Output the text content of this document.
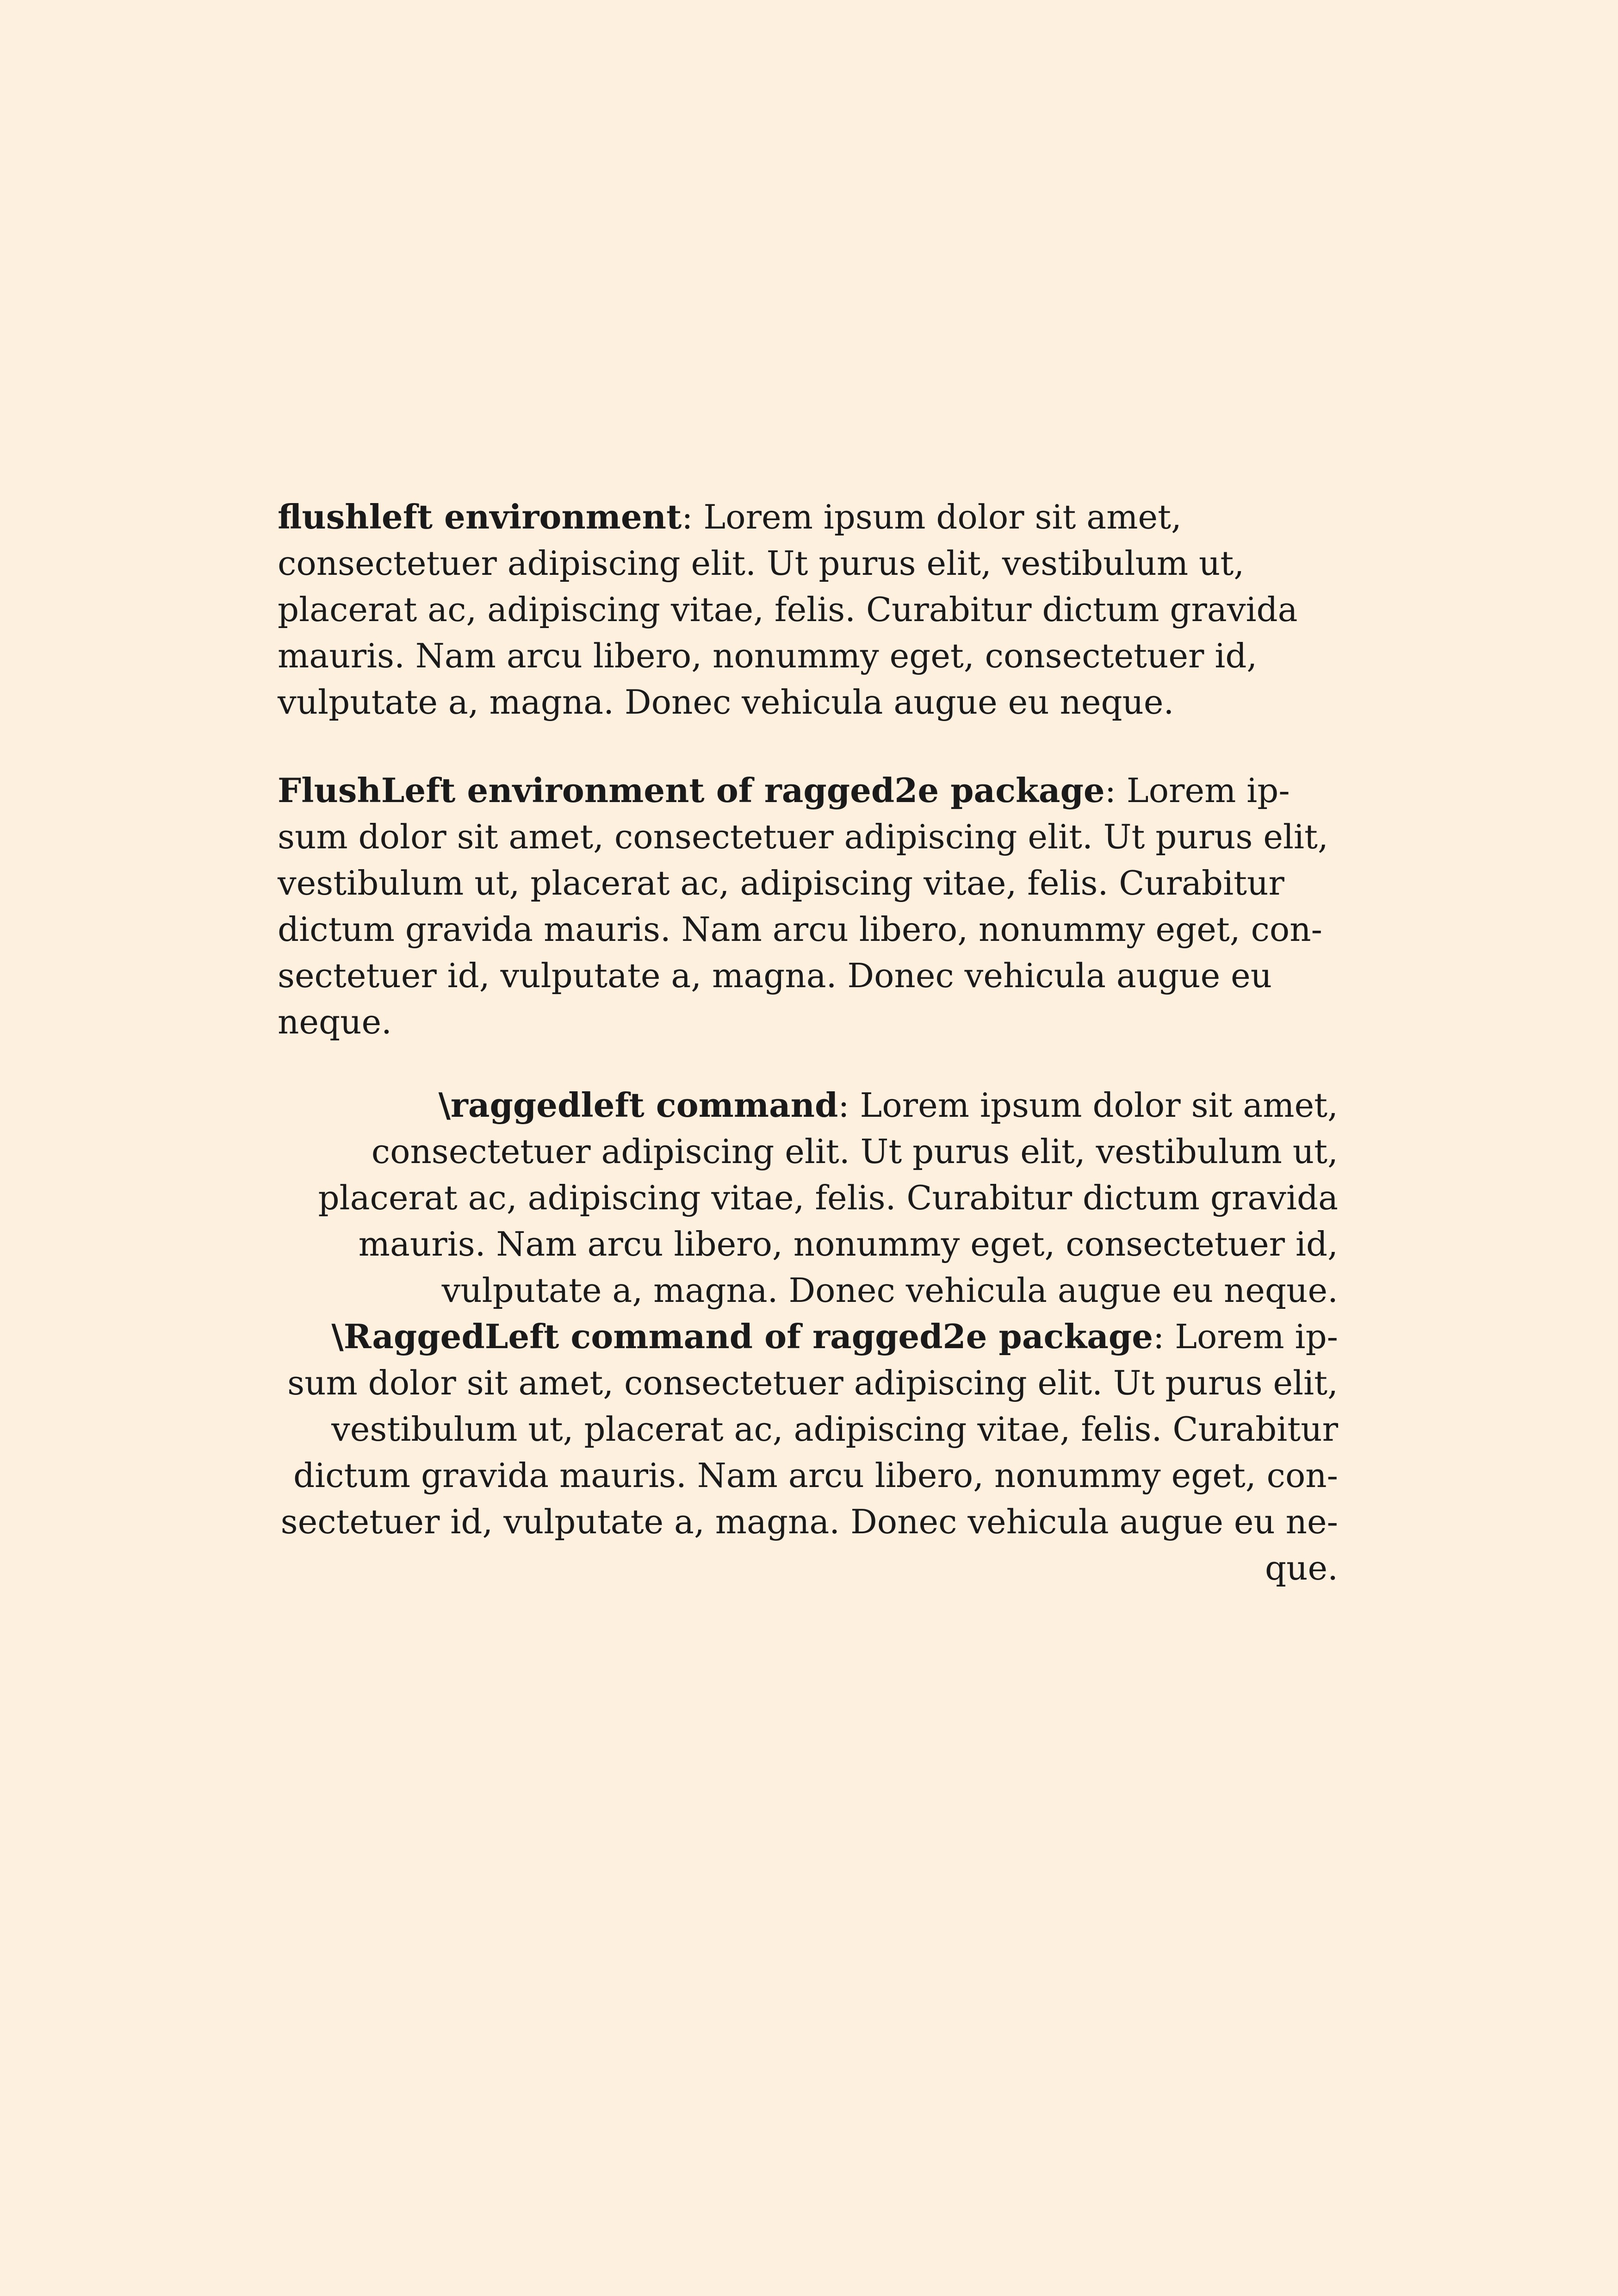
flushleft environment: Lorem ipsum dolor sit amet,
consectetuer adipiscing elit. Ut purus elit, vestibulum ut,
placerat ac, adipiscing vitae, felis. Curabitur dictum gravida
mauris. Nam arcu libero, nonummy eget, consectetuer id,
vulputate a, magna. Donec vehicula augue eu neque.
FlushLeft environment of ragged2e package: Lorem ip-
sum dolor sit amet, consectetuer adipiscing elit. Ut purus elit,
vestibulum ut, placerat ac, adipiscing vitae, felis. Curabitur
dictum gravida mauris. Nam arcu libero, nonummy eget, con-
sectetuer id, vulputate a, magna. Donec vehicula augue eu
neque.
\raggedleft command: Lorem ipsum dolor sit amet,
consectetuer adipiscing elit. Ut purus elit, vestibulum ut,
placerat ac, adipiscing vitae, felis. Curabitur dictum gravida
mauris. Nam arcu libero, nonummy eget, consectetuer id,
vulputate a, magna. Donec vehicula augue eu neque.
\RaggedLeft command of ragged2e package: Lorem ip-
sum dolor sit amet, consectetuer adipiscing elit. Ut purus elit,
vestibulum ut, placerat ac, adipiscing vitae, felis. Curabitur
dictum gravida mauris. Nam arcu libero, nonummy eget, con-
sectetuer id, vulputate a, magna. Donec vehicula augue eu ne-
que.
